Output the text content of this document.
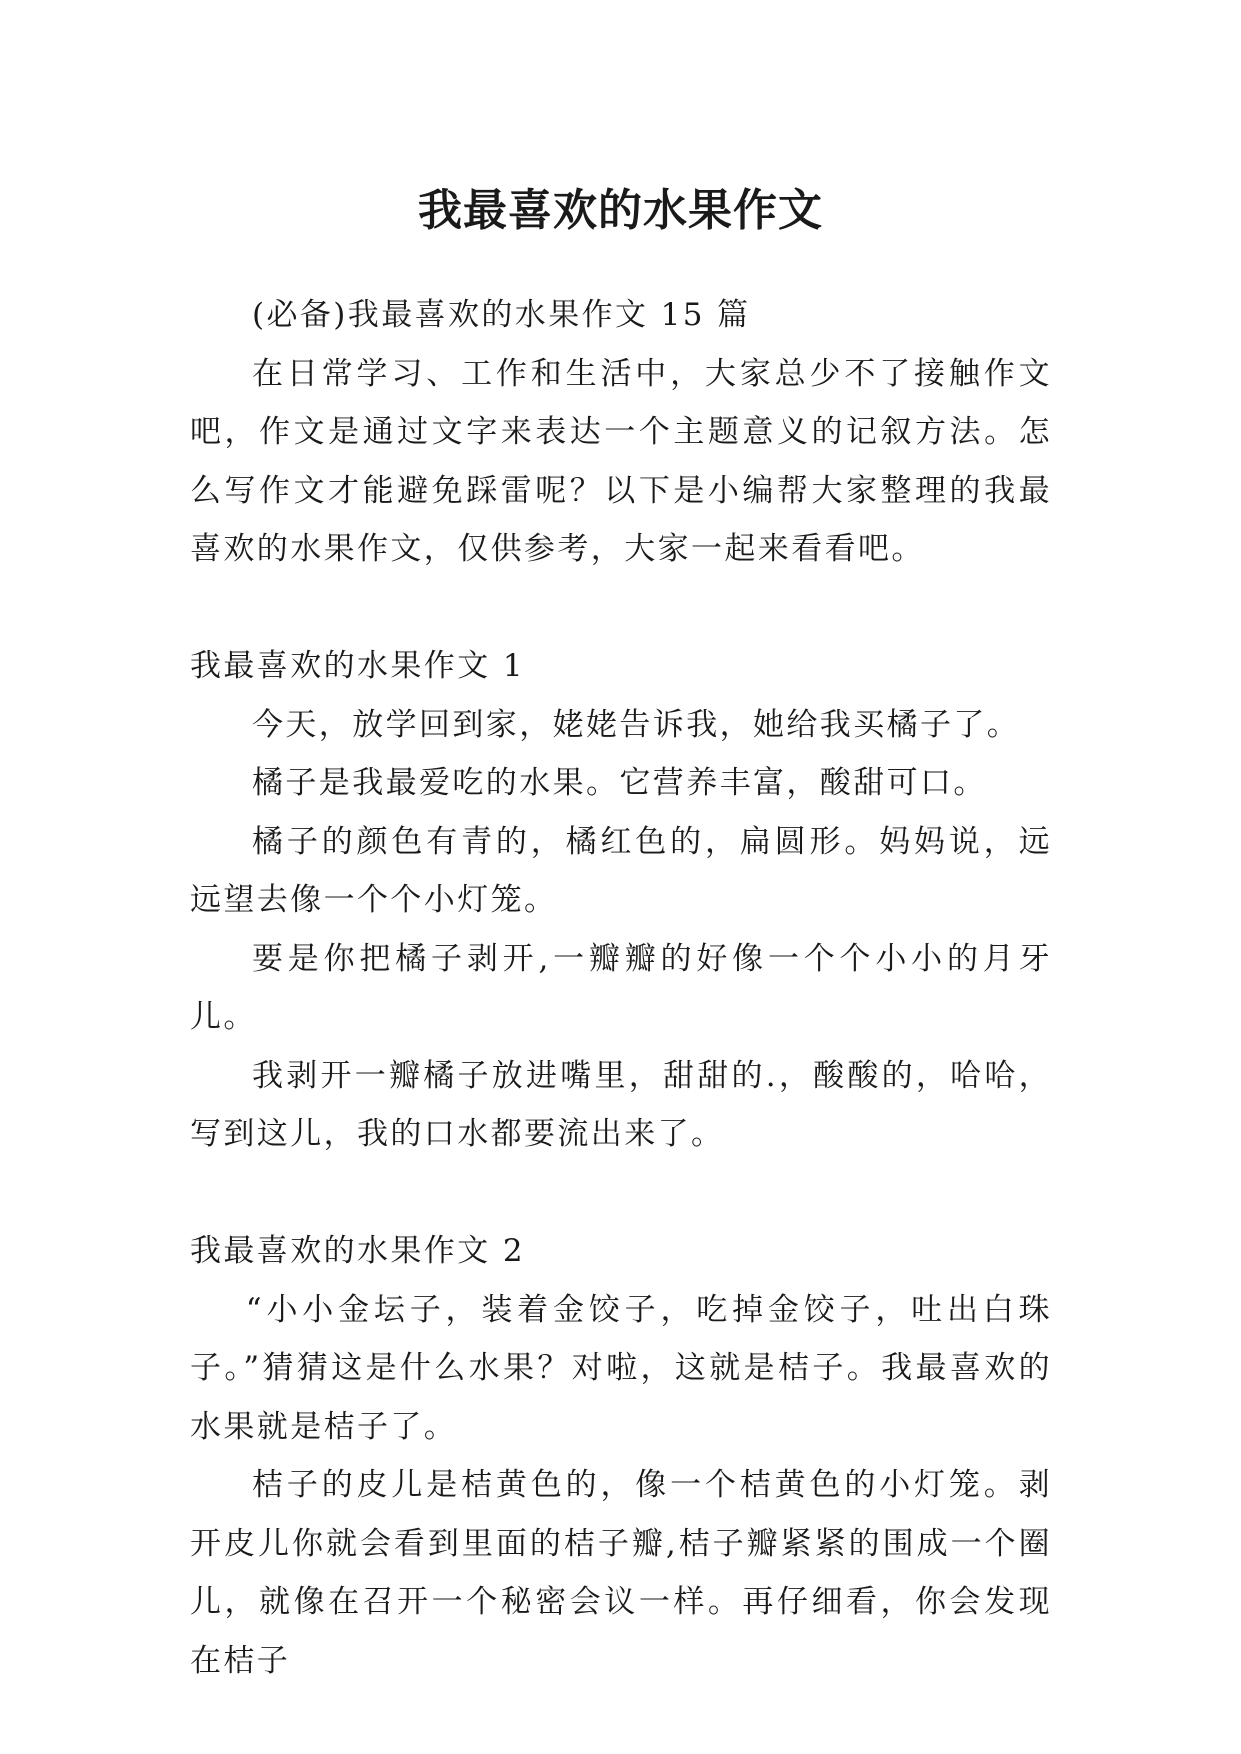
我最喜欢的水果作文

(必备)我最喜欢的水果作文 15 篇

在日常学习、工作和生活中，大家总少不了接触作文吧，作文是通过文字来表达一个主题意义的记叙方法。怎么写作文才能避免踩雷呢？以下是小编帮大家整理的我最喜欢的水果作文，仅供参考，大家一起来看看吧。

我最喜欢的水果作文 1

今天，放学回到家，姥姥告诉我，她给我买橘子了。

橘子是我最爱吃的水果。它营养丰富，酸甜可口。

橘子的颜色有青的，橘红色的，扁圆形。妈妈说，远远望去像一个个小灯笼。

要是你把橘子剥开,一瓣瓣的好像一个个小小的月牙儿。

我剥开一瓣橘子放进嘴里，甜甜的.，酸酸的，哈哈，写到这儿，我的口水都要流出来了。

我最喜欢的水果作文 2

“小小金坛子，装着金饺子，吃掉金饺子，吐出白珠子。”猜猜这是什么水果？对啦，这就是桔子。我最喜欢的水果就是桔子了。

桔子的皮儿是桔黄色的，像一个桔黄色的小灯笼。剥开皮儿你就会看到里面的桔子瓣,桔子瓣紧紧的围成一个圈儿，就像在召开一个秘密会议一样。再仔细看，你会发现在桔子
